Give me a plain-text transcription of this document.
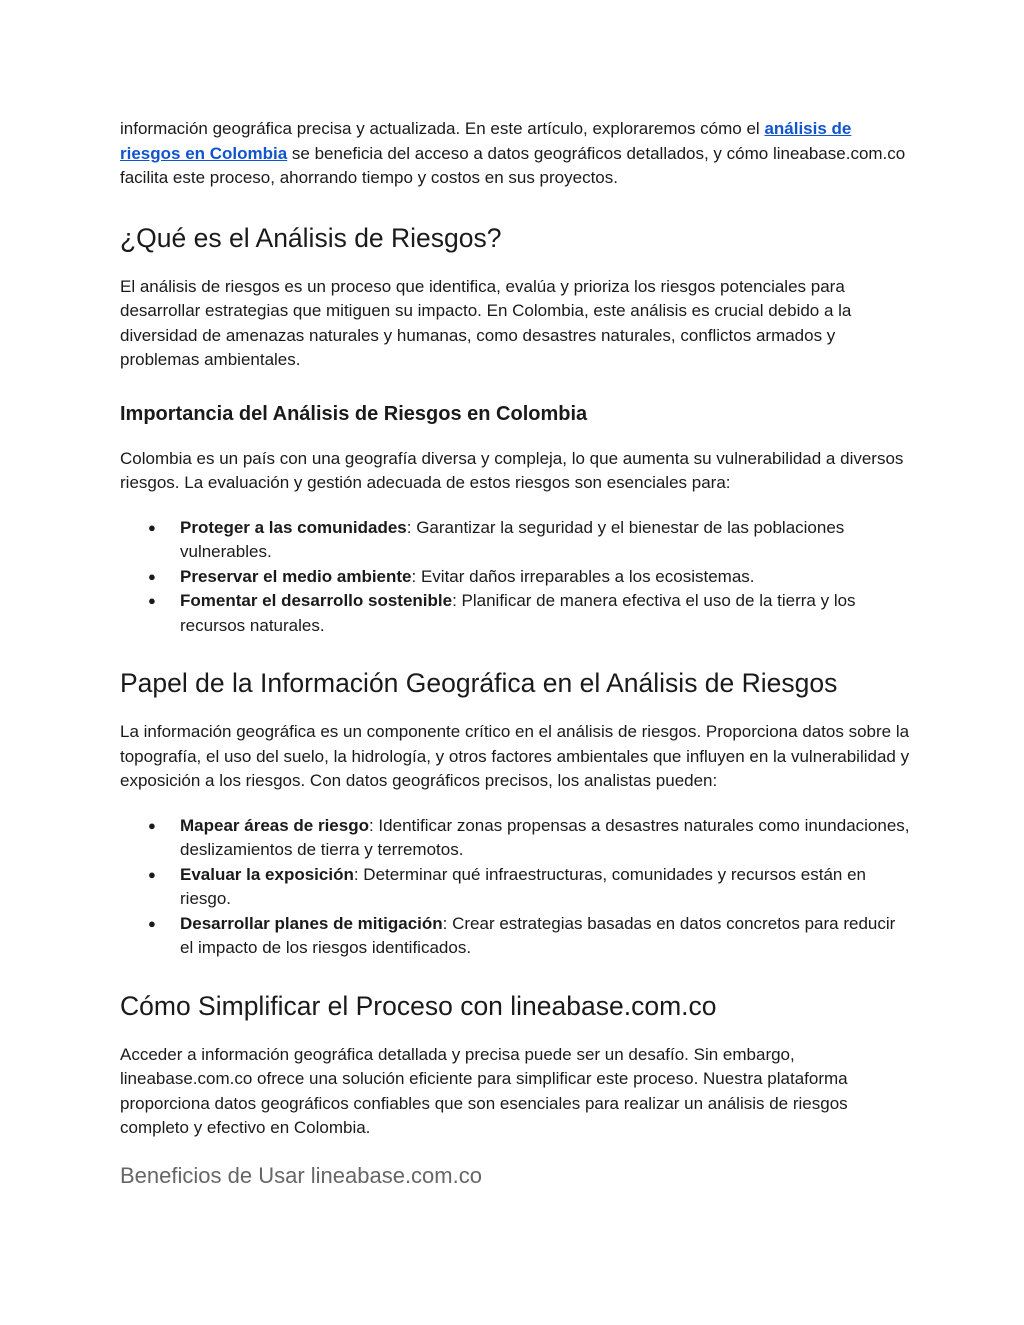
información geográfica precisa y actualizada. En este artículo, exploraremos cómo el análisis de riesgos en Colombia se beneficia del acceso a datos geográficos detallados, y cómo lineabase.com.co facilita este proceso, ahorrando tiempo y costos en sus proyectos.

¿Qué es el Análisis de Riesgos?

El análisis de riesgos es un proceso que identifica, evalúa y prioriza los riesgos potenciales para desarrollar estrategias que mitiguen su impacto. En Colombia, este análisis es crucial debido a la diversidad de amenazas naturales y humanas, como desastres naturales, conflictos armados y problemas ambientales.

Importancia del Análisis de Riesgos en Colombia

Colombia es un país con una geografía diversa y compleja, lo que aumenta su vulnerabilidad a diversos riesgos. La evaluación y gestión adecuada de estos riesgos son esenciales para:

● Proteger a las comunidades: Garantizar la seguridad y el bienestar de las poblaciones vulnerables.
● Preservar el medio ambiente: Evitar daños irreparables a los ecosistemas.
● Fomentar el desarrollo sostenible: Planificar de manera efectiva el uso de la tierra y los recursos naturales.
Papel de la Información Geográfica en el Análisis de Riesgos

La información geográfica es un componente crítico en el análisis de riesgos. Proporciona datos sobre la topografía, el uso del suelo, la hidrología, y otros factores ambientales que influyen en la vulnerabilidad y exposición a los riesgos. Con datos geográficos precisos, los analistas pueden:

● Mapear áreas de riesgo: Identificar zonas propensas a desastres naturales como inundaciones, deslizamientos de tierra y terremotos.
● Evaluar la exposición: Determinar qué infraestructuras, comunidades y recursos están en riesgo.
● Desarrollar planes de mitigación: Crear estrategias basadas en datos concretos para reducir el impacto de los riesgos identificados.
Cómo Simplificar el Proceso con lineabase.com.co

Acceder a información geográfica detallada y precisa puede ser un desafío. Sin embargo, lineabase.com.co ofrece una solución eficiente para simplificar este proceso. Nuestra plataforma proporciona datos geográficos confiables que son esenciales para realizar un análisis de riesgos completo y efectivo en Colombia.

Beneficios de Usar lineabase.com.co
